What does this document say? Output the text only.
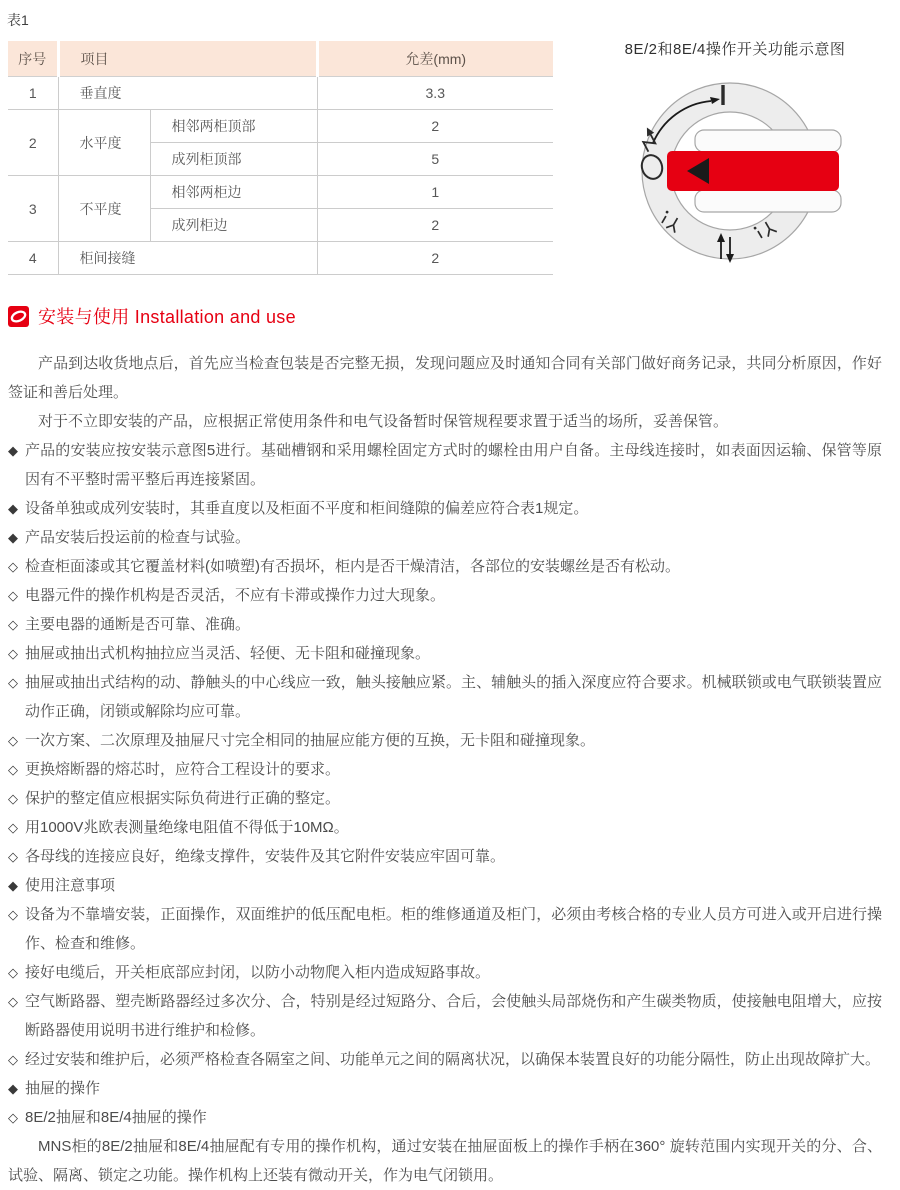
表1
序号	项目		允差(mm)
1	垂直度		3.3
2	水平度	相邻两柜顶部	2
		成列柜顶部	5
3	不平度	相邻两柜边	1
		成列柜边	2
4	柜间接缝		2
8E/2和8E/4操作开关功能示意图
安装与使用 Installation and use
产品到达收货地点后，首先应当检查包装是否完整无损，发现问题应及时通知合同有关部门做好商务记录，共同分析原因，作好签证和善后处理。
对于不立即安装的产品，应根据正常使用条件和电气设备暂时保管规程要求置于适当的场所，妥善保管。
◆ 产品的安装应按安装示意图5进行。基础槽钢和采用螺栓固定方式时的螺栓由用户自备。主母线连接时，如表面因运输、保管等原因有不平整时需平整后再连接紧固。
◆ 设备单独或成列安装时，其垂直度以及柜面不平度和柜间缝隙的偏差应符合表1规定。
◆ 产品安装后投运前的检查与试验。
◇ 检查柜面漆或其它覆盖材料(如喷塑)有否损坏，柜内是否干燥清洁，各部位的安装螺丝是否有松动。
◇ 电器元件的操作机构是否灵活，不应有卡滞或操作力过大现象。
◇ 主要电器的通断是否可靠、准确。
◇ 抽屉或抽出式机构抽拉应当灵活、轻便、无卡阻和碰撞现象。
◇ 抽屉或抽出式结构的动、静触头的中心线应一致，触头接触应紧。主、辅触头的插入深度应符合要求。机械联锁或电气联锁装置应动作正确，闭锁或解除均应可靠。
◇ 一次方案、二次原理及抽屉尺寸完全相同的抽屉应能方便的互换，无卡阻和碰撞现象。
◇ 更换熔断器的熔芯时，应符合工程设计的要求。
◇ 保护的整定值应根据实际负荷进行正确的整定。
◇ 用1000V兆欧表测量绝缘电阻值不得低于10MΩ。
◇ 各母线的连接应良好，绝缘支撑件，安装件及其它附件安装应牢固可靠。
◆ 使用注意事项
◇ 设备为不靠墙安装，正面操作，双面维护的低压配电柜。柜的维修通道及柜门，必须由考核合格的专业人员方可进入或开启进行操作、检查和维修。
◇ 接好电缆后，开关柜底部应封闭，以防小动物爬入柜内造成短路事故。
◇ 空气断路器、塑壳断路器经过多次分、合，特别是经过短路分、合后，会使触头局部烧伤和产生碳类物质，使接触电阻增大，应按断路器使用说明书进行维护和检修。
◇ 经过安装和维护后，必须严格检查各隔室之间、功能单元之间的隔离状况，以确保本装置良好的功能分隔性，防止出现故障扩大。
◆ 抽屉的操作
◇ 8E/2抽屉和8E/4抽屉的操作
MNS柜的8E/2抽屉和8E/4抽屉配有专用的操作机构，通过安装在抽屉面板上的操作手柄在360° 旋转范围内实现开关的分、合、试验、隔离、锁定之功能。操作机构上还装有微动开关，作为电气闭锁用。
